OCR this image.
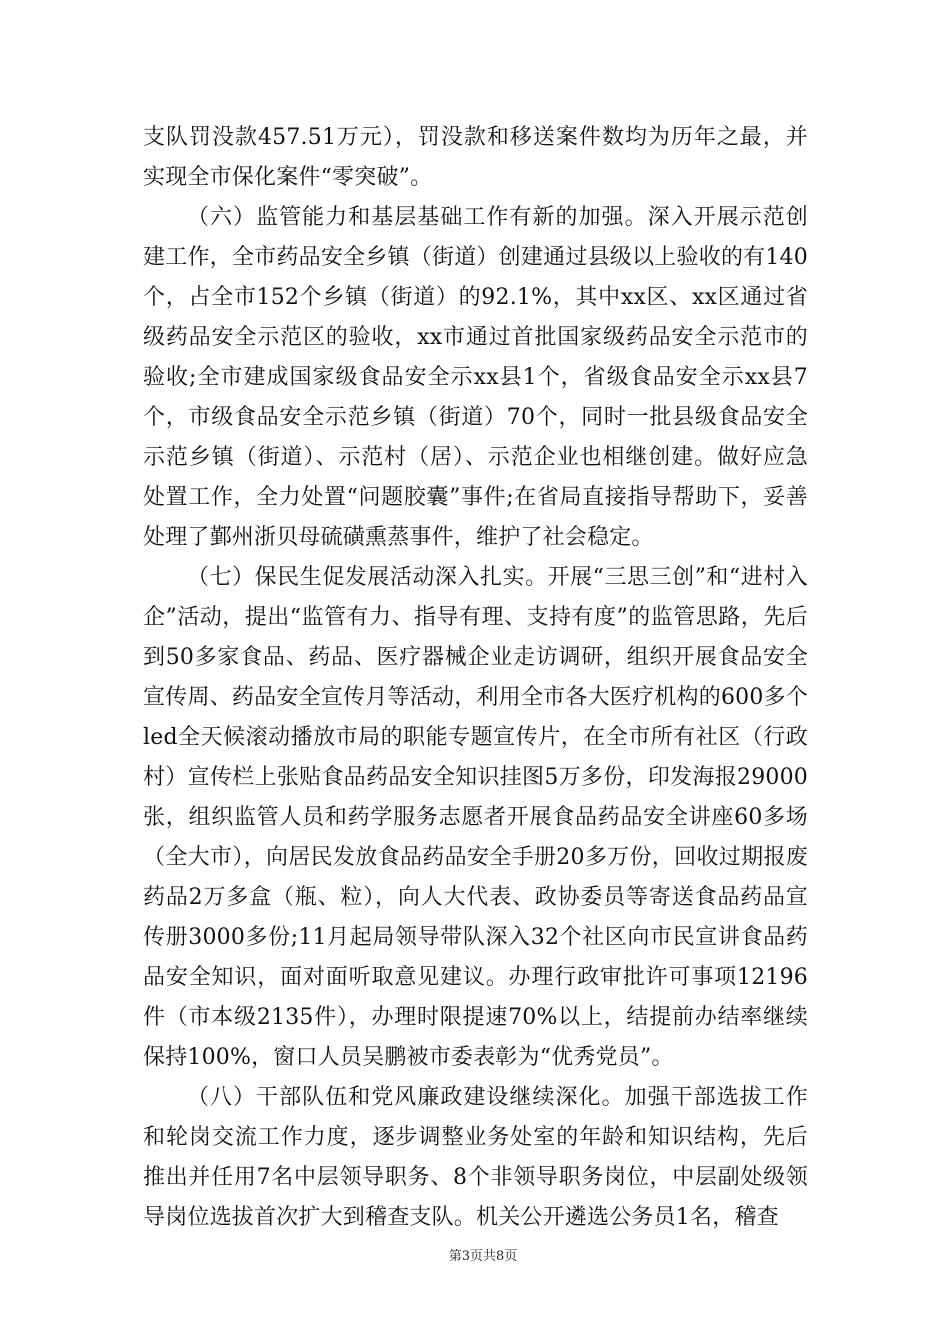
支队罚没款457.51万元），罚没款和移送案件数均为历年之最，并实现全市保化案件“零突破”。

（六）监管能力和基层基础工作有新的加强。深入开展示范创建工作，全市药品安全乡镇（街道）创建通过县级以上验收的有140个，占全市152个乡镇（街道）的92.1%，其中xx区、xx区通过省级药品安全示范区的验收，xx市通过首批国家级药品安全示范市的验收;全市建成国家级食品安全示xx县1个，省级食品安全示xx县7个，市级食品安全示范乡镇（街道）70个，同时一批县级食品安全示范乡镇（街道）、示范村（居）、示范企业也相继创建。做好应急处置工作，全力处置“问题胶囊”事件;在省局直接指导帮助下，妥善处理了鄞州浙贝母硫磺熏蒸事件，维护了社会稳定。

（七）保民生促发展活动深入扎实。开展“三思三创”和“进村入企”活动，提出“监管有力、指导有理、支持有度”的监管思路，先后到50多家食品、药品、医疗器械企业走访调研，组织开展食品安全宣传周、药品安全宣传月等活动，利用全市各大医疗机构的600多个led全天候滚动播放市局的职能专题宣传片，在全市所有社区（行政村）宣传栏上张贴食品药品安全知识挂图5万多份，印发海报29000张，组织监管人员和药学服务志愿者开展食品药品安全讲座60多场（全大市），向居民发放食品药品安全手册20多万份，回收过期报废药品2万多盒（瓶、粒），向人大代表、政协委员等寄送食品药品宣传册3000多份;11月起局领导带队深入32个社区向市民宣讲食品药品安全知识，面对面听取意见建议。办理行政审批许可事项12196件（市本级2135件），办理时限提速70%以上，结提前办结率继续保持100%，窗口人员吴鹏被市委表彰为“优秀党员”。

（八）干部队伍和党风廉政建设继续深化。加强干部选拔工作和轮岗交流工作力度，逐步调整业务处室的年龄和知识结构，先后推出并任用7名中层领导职务、8个非领导职务岗位，中层副处级领导岗位选拔首次扩大到稽查支队。机关公开遴选公务员1名，稽查

第3页共8页
